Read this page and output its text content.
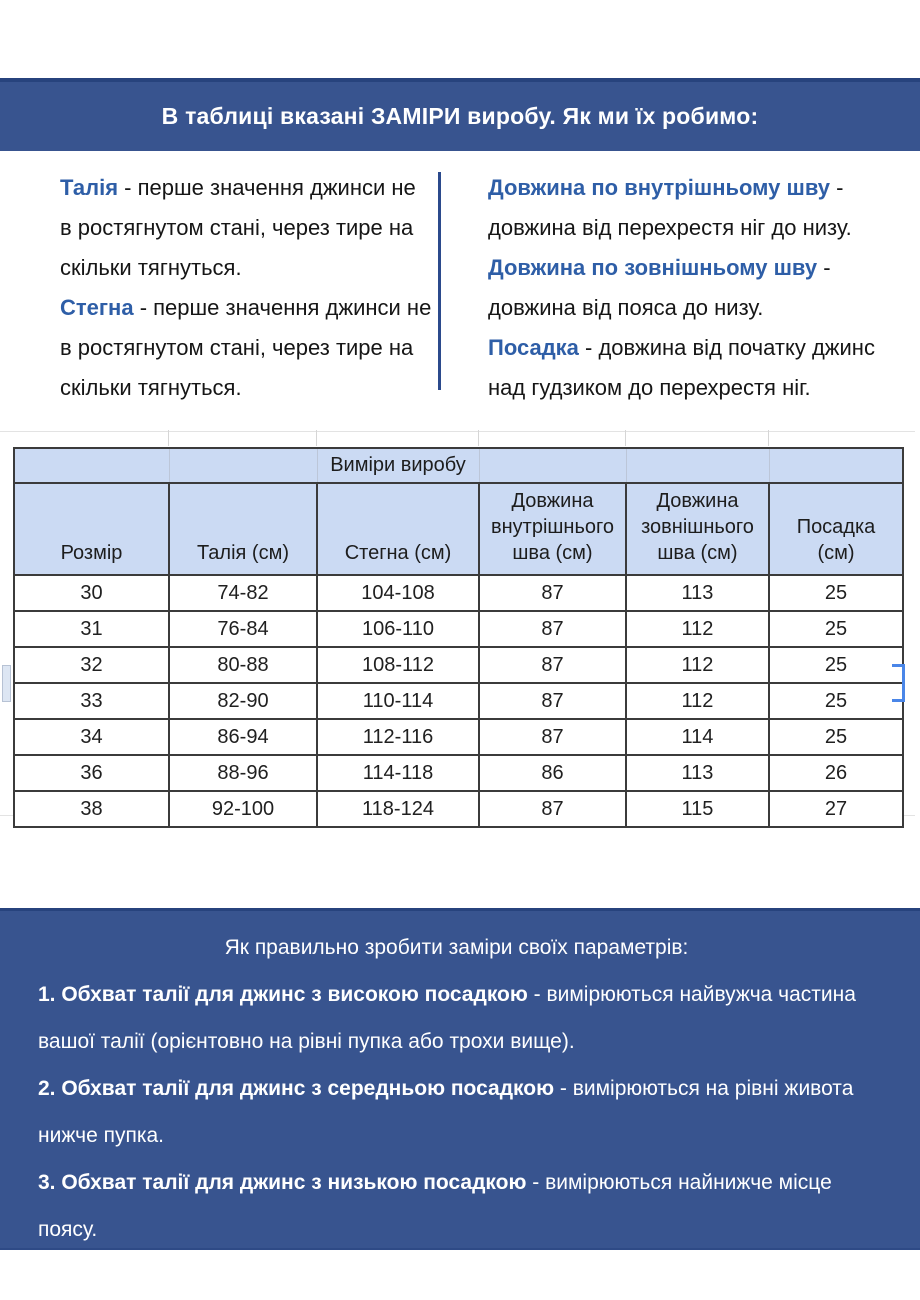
В таблиці вказані ЗАМІРИ виробу. Як ми їх робимо:

Талія - перше значення джинси не в ростягнутом стані, через тире на скільки тягнуться.

Стегна - перше значення джинси не в ростягнутом стані, через тире на скільки тягнуться.

Довжина по внутрішньому шву - довжина від перехрестя ніг до низу.

Довжина по зовнішньому шву - довжина від пояса до низу.

Посадка - довжина від початку джинс над гудзиком до перехрестя ніг.

		Виміри виробу			
Розмір	Талія (см)	Стегна (см)	Довжина внутрішнього шва (см)	Довжина зовнішнього шва (см)	Посадка (см)
30	74-82	104-108	87	113	25
31	76-84	106-110	87	112	25
32	80-88	108-112	87	112	25
33	82-90	110-114	87	112	25
34	86-94	112-116	87	114	25
36	88-96	114-118	86	113	26
38	92-100	118-124	87	115	27

Як правильно зробити заміри своїх параметрів:

1. Обхват талії для джинс з високою посадкою - вимірюються найвужча частина вашої талії (орієнтовно на рівні пупка або трохи вище).

2. Обхват талії для джинс з середньою посадкою - вимірюються на рівні живота нижче пупка.

3. Обхват талії для джинс з низькою посадкою - вимірюються найнижче місце поясу.

4. Обхват стегон - вимірюється лінія найширшої частини стегон.
